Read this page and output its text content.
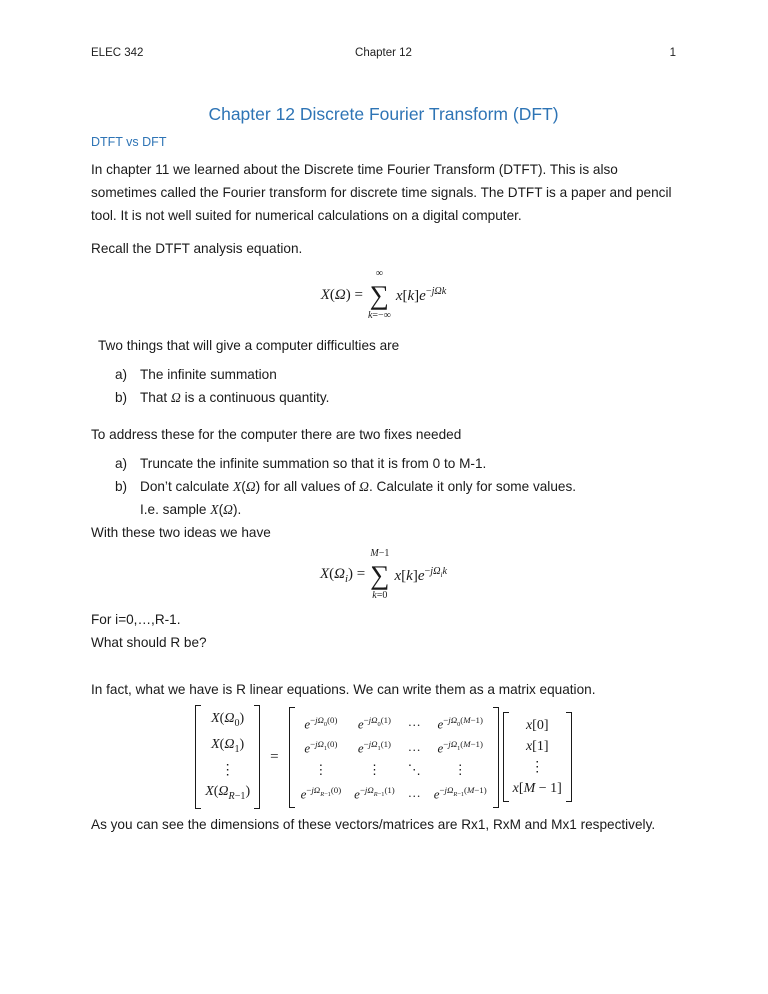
ELEC 342	Chapter 12	1
Chapter 12 Discrete Fourier Transform (DFT)
DTFT vs DFT

In chapter 11 we learned about the Discrete time Fourier Transform (DTFT). This is also sometimes called the Fourier transform for discrete time signals. The DTFT is a paper and pencil tool. It is not well suited for numerical calculations on a digital computer.

Recall the DTFT analysis equation.

X(Ω) =
∞
∑
k=−∞
$x[k]e^{-j\Omega k}$

Two things that will give a computer difficulties are

a) The infinite summation
b) That Ω is a continuous quantity.

To address these for the computer there are two fixes needed

a) Truncate the infinite summation so that it is from 0 to M-1.
b) Don’t calculate X(Ω) for all values of Ω. Calculate it only for some values.
I.e. sample X(Ω).

With these two ideas we have

$X(\Omega_i)$ =
M−1
∑
k=0
$x[k]e^{-j\Omega_ik}$

For i=0,…,R-1.

What should R be?

In fact, what we have is R linear equations. We can write them as a matrix equation.

$X(\Omega_0)$
$X(\Omega_1)$
⋮
$X(\Omega_{R-1})$
=
$e^{-j\Omega_0(0)}$ $e^{-j\Omega_0(1)}$ … $e^{-j\Omega_0(M-1)}$
$e^{-j\Omega_1(0)}$ $e^{-j\Omega_1(1)}$ … $e^{-j\Omega_1(M-1)}$
⋮	⋮ ⋱	⋮
$e^{-j\Omega_{R-1}(0)}$ $e^{-j\Omega_{R-1}(1)}$ … $e^{-j\Omega_{R-1}(M-1)}$
x[0]
x[1]
⋮
x[M − 1]

As you can see the dimensions of these vectors/matrices are Rx1, RxM and Mx1 respectively.
